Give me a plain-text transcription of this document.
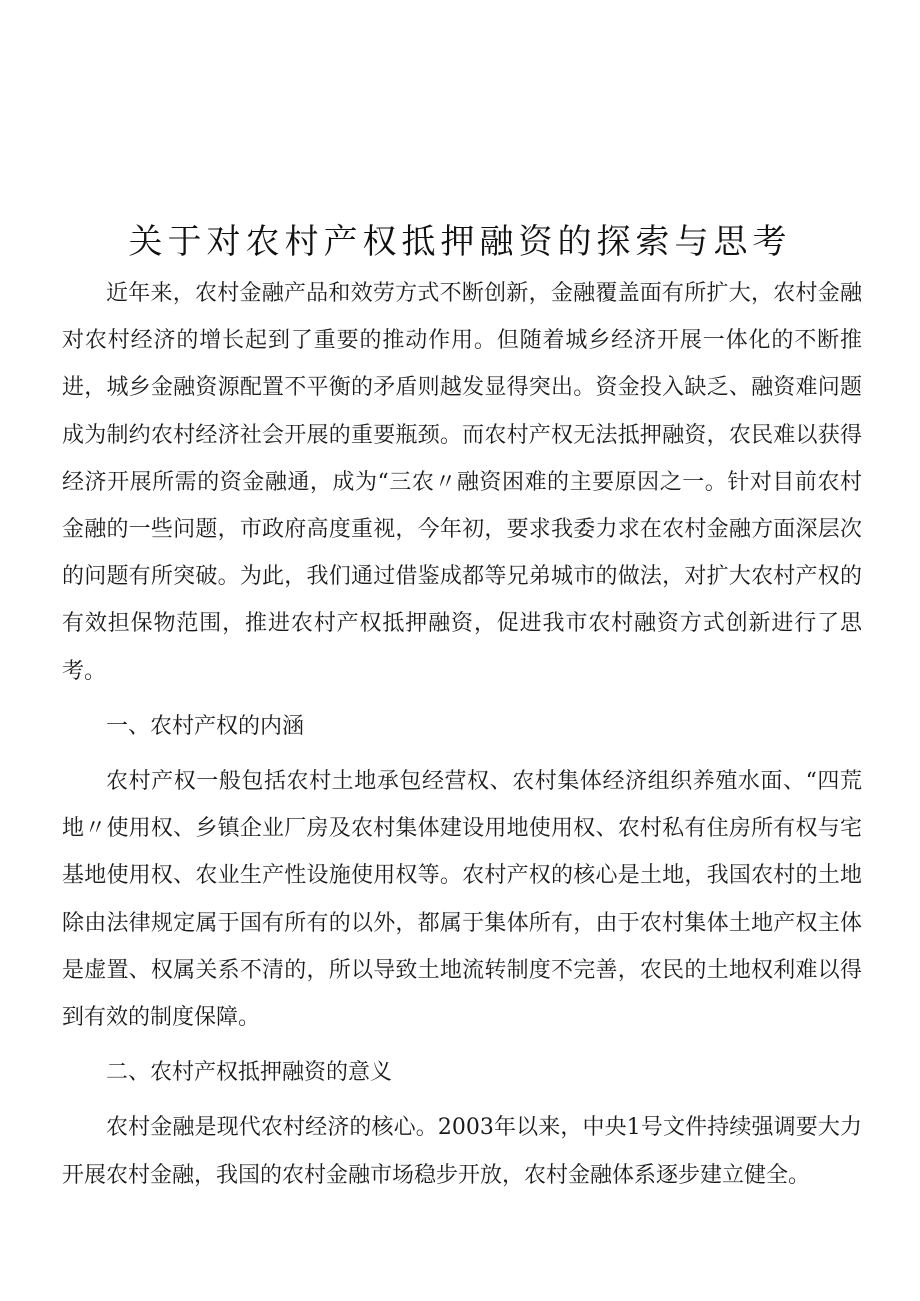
关于对农村产权抵押融资的探索与思考

近年来，农村金融产品和效劳方式不断创新，金融覆盖面有所扩大，农村金融对农村经济的增长起到了重要的推动作用。但随着城乡经济开展一体化的不断推进，城乡金融资源配置不平衡的矛盾则越发显得突出。资金投入缺乏、融资难问题成为制约农村经济社会开展的重要瓶颈。而农村产权无法抵押融资，农民难以获得经济开展所需的资金融通，成为“三农〃融资困难的主要原因之一。针对目前农村金融的一些问题，市政府高度重视，今年初，要求我委力求在农村金融方面深层次的问题有所突破。为此，我们通过借鉴成都等兄弟城市的做法，对扩大农村产权的有效担保物范围，推进农村产权抵押融资，促进我市农村融资方式创新进行了思考。

一、农村产权的内涵

农村产权一般包括农村土地承包经营权、农村集体经济组织养殖水面、“四荒地〃使用权、乡镇企业厂房及农村集体建设用地使用权、农村私有住房所有权与宅基地使用权、农业生产性设施使用权等。农村产权的核心是土地，我国农村的土地除由法律规定属于国有所有的以外，都属于集体所有，由于农村集体土地产权主体是虚置、权属关系不清的，所以导致土地流转制度不完善，农民的土地权利难以得到有效的制度保障。

二、农村产权抵押融资的意义

农村金融是现代农村经济的核心。2003年以来，中央1号文件持续强调要大力开展农村金融，我国的农村金融市场稳步开放，农村金融体系逐步建立健全。
